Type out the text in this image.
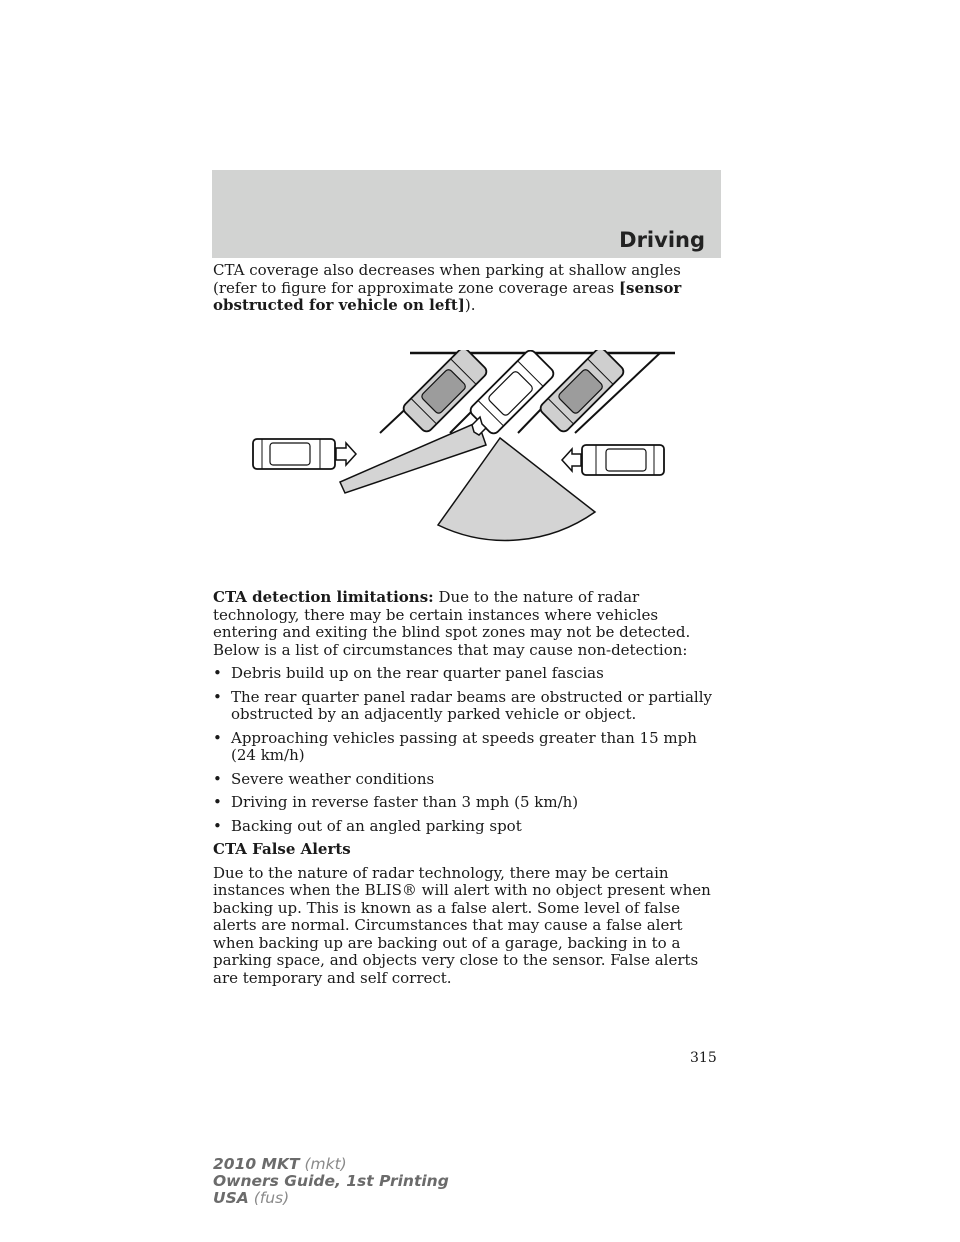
Driving

CTA coverage also decreases when parking at shallow angles (refer to figure for approximate zone coverage areas [sensor obstructed for vehicle on left]).

CTA detection limitations: Due to the nature of radar technology, there may be certain instances where vehicles entering and exiting the blind spot zones may not be detected. Below is a list of circumstances that may cause non-detection:

• Debris build up on the rear quarter panel fascias
• The rear quarter panel radar beams are obstructed or partially obstructed by an adjacently parked vehicle or object.
• Approaching vehicles passing at speeds greater than 15 mph (24 km/h)
• Severe weather conditions
• Driving in reverse faster than 3 mph (5 km/h)
• Backing out of an angled parking spot

CTA False Alerts

Due to the nature of radar technology, there may be certain instances when the BLIS® will alert with no object present when backing up. This is known as a false alert. Some level of false alerts are normal. Circumstances that may cause a false alert when backing up are backing out of a garage, backing in to a parking space, and objects very close to the sensor. False alerts are temporary and self correct.

315
2010 MKT (mkt)
Owners Guide, 1st Printing
USA (fus)
